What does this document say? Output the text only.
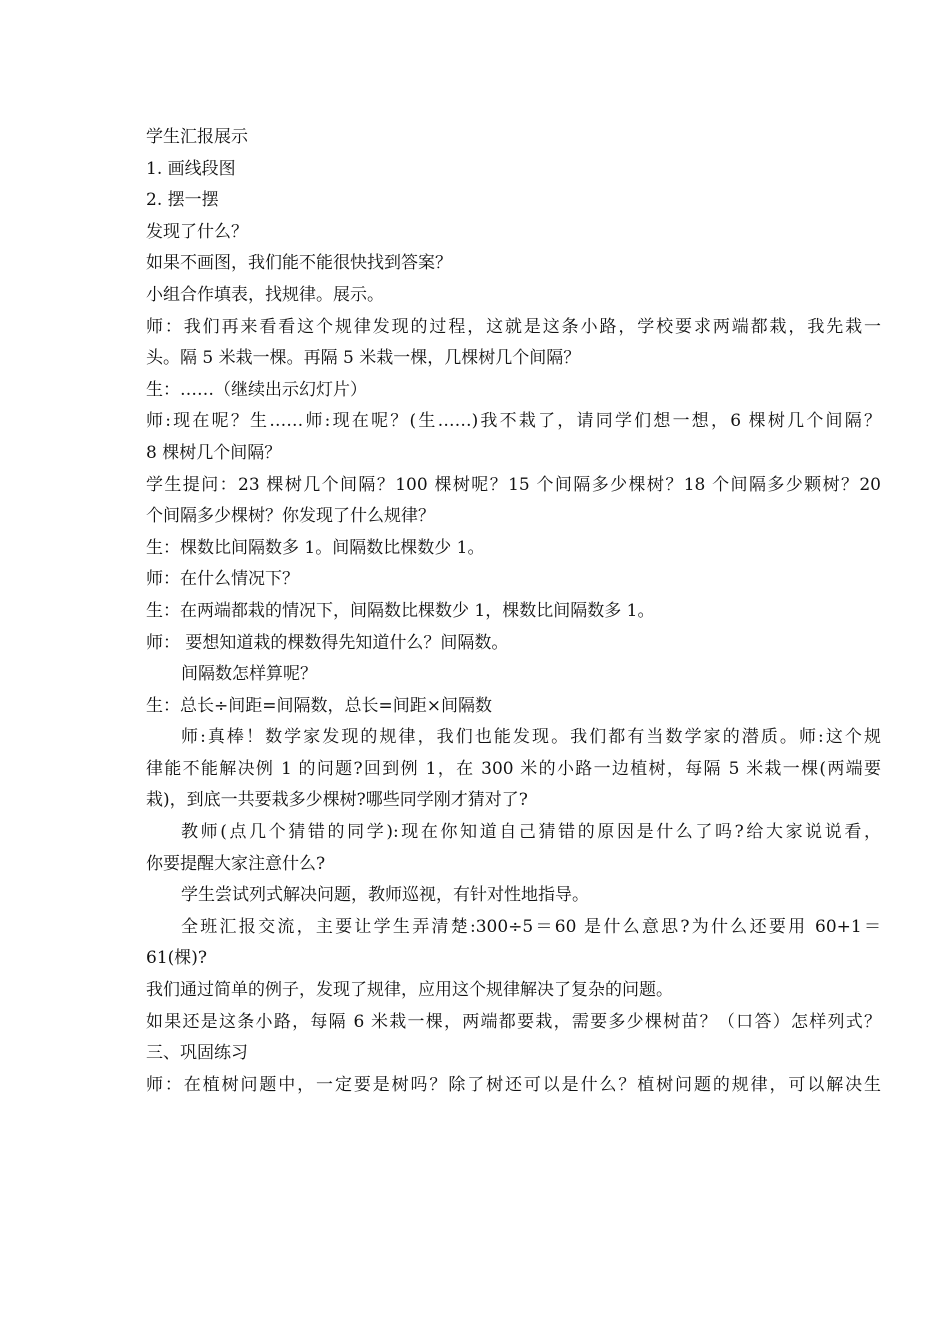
学生汇报展示
1. 画线段图
2. 摆一摆
发现了什么？
如果不画图，我们能不能很快找到答案？
小组合作填表，找规律。展示。
师：我们再来看看这个规律发现的过程，这就是这条小路，学校要求两端都栽，我先栽一
头。隔 5 米栽一棵。再隔 5 米栽一棵，几棵树几个间隔？
生：……（继续出示幻灯片）
师:现在呢？生……师:现在呢？(生……)我不栽了，请同学们想一想，6 棵树几个间隔？
8 棵树几个间隔？
学生提问：23 棵树几个间隔？100 棵树呢？15 个间隔多少棵树？18 个间隔多少颗树？20
个间隔多少棵树？你发现了什么规律？
生：棵数比间隔数多 1。间隔数比棵数少 1。
师：在什么情况下？
生：在两端都栽的情况下，间隔数比棵数少 1，棵数比间隔数多 1。
师： 要想知道栽的棵数得先知道什么？间隔数。
间隔数怎样算呢？
生：总长÷间距=间隔数，总长=间距×间隔数
师:真棒！数学家发现的规律，我们也能发现。我们都有当数学家的潜质。师:这个规
律能不能解决例 1 的问题?回到例 1，在 300 米的小路一边植树，每隔 5 米栽一棵(两端要
栽)，到底一共要栽多少棵树?哪些同学刚才猜对了?
教师(点几个猜错的同学):现在你知道自己猜错的原因是什么了吗?给大家说说看，
你要提醒大家注意什么?
学生尝试列式解决问题，教师巡视，有针对性地指导。
全班汇报交流，主要让学生弄清楚:300÷5＝60 是什么意思?为什么还要用 60+1＝
61(棵)?
我们通过简单的例子，发现了规律，应用这个规律解决了复杂的问题。
如果还是这条小路，每隔 6 米栽一棵，两端都要栽，需要多少棵树苗？（口答）怎样列式？
三、巩固练习
师：在植树问题中，一定要是树吗？除了树还可以是什么？植树问题的规律，可以解决生
